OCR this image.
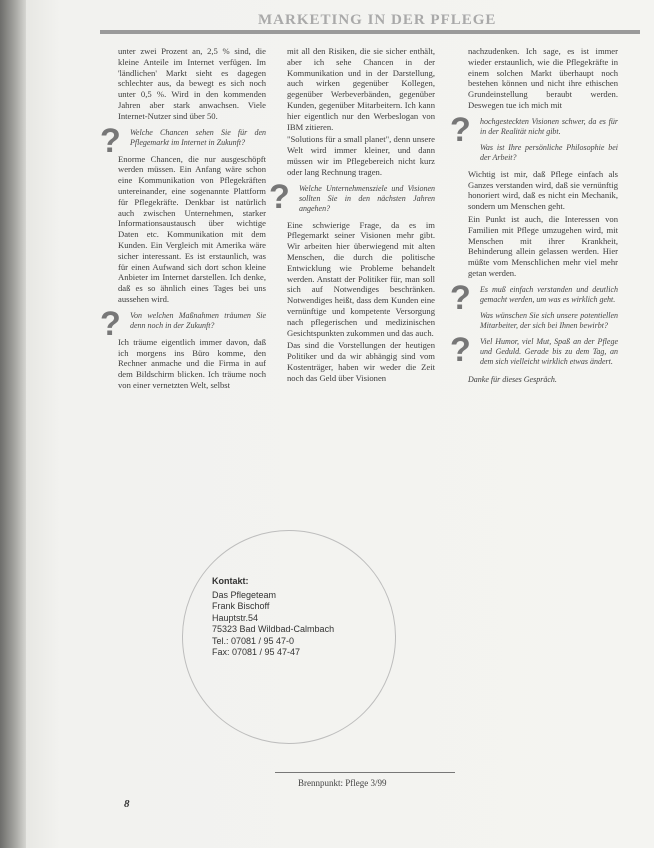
MARKETING IN DER PFLEGE

unter zwei Prozent an, 2,5 % sind, die kleine Anteile im Internet verfügen. Im 'ländlichen' Markt sieht es dagegen schlechter aus, da bewegt es sich noch unter 0,5 %. Wird in den kommenden Jahren aber stark anwachsen. Viele Internet-Nutzer sind über 50.

?	Welche Chancen sehen Sie für den Pflegemarkt im Internet in Zukunft?

Enorme Chancen, die nur ausgeschöpft werden müssen. Ein Anfang wäre schon eine Kommunikation von Pflegekräften untereinander, eine sogenannte Plattform für Pflegekräfte. Denkbar ist natürlich auch zwischen Unternehmen, starker Informationsaustausch über wichtige Daten etc. Kommunikation mit dem Kunden. Ein Vergleich mit Amerika wäre sicher interessant. Es ist erstaunlich, was für einen Aufwand sich dort schon kleine Anbieter im Internet darstellen. Ich denke, daß es so ähnlich eines Tages bei uns aussehen wird.

?	Von welchen Maßnahmen träumen Sie denn noch in der Zukunft?

Ich träume eigentlich immer davon, daß ich morgens ins Büro komme, den Rechner anmache und die Firma in auf dem Bildschirm blicken. Ich träume noch von einer vernetzten Welt, selbst

mit all den Risiken, die sie sicher enthält, aber ich sehe Chancen in der Kommunikation und in der Darstellung, auch wirken gegenüber Kollegen, gegenüber Werbeverbänden, gegenüber Kunden, gegenüber Mitarbeitern. Ich kann hier eigentlich nur den Werbeslogan von IBM zitieren.

"Solutions für a small planet", denn unsere Welt wird immer kleiner, und dann müssen wir im Pflegebereich nicht kurz oder lang Rechnung tragen.

?	Welche Unternehmensziele und Visionen sollten Sie in den nächsten Jahren angehen?

Eine schwierige Frage, da es im Pflegemarkt seiner Visionen mehr gibt. Wir arbeiten hier überwiegend mit alten Menschen, die durch die politische Entwicklung wie Probleme behandelt werden. Anstatt der Politiker für, man soll sich auf Notwendiges beschränken. Notwendiges heißt, dass dem Kunden eine vernünftige und kompetente Versorgung nach pflegerischen und medizinischen Gesichtspunkten zukommen und das auch.

Das sind die Vorstellungen der heutigen Politiker und da wir abhängig sind vom Kostenträger, haben wir weder die Zeit noch das Geld über Visionen

nachzudenken. Ich sage, es ist immer wieder erstaunlich, wie die Pflegekräfte in einem solchen Markt überhaupt noch bestehen können und nicht ihre ethischen Grundeinstellung beraubt werden. Deswegen tue ich mich mit

?	hochgesteckten Visionen schwer, da es für in der Realität nicht gibt.
Was ist Ihre persönliche Philosophie bei der Arbeit?

Wichtig ist mir, daß Pflege einfach als Ganzes verstanden wird, daß sie vernünftig honoriert wird, daß es nicht ein Mechanik, sondern um Menschen geht.

Ein Punkt ist auch, die Interessen von Familien mit Pflege umzugehen wird, mit Menschen mit ihrer Krankheit, Behinderung allein gelassen werden. Hier müßte vom Menschlichen mehr viel mehr getan werden.

?	Es muß einfach verstanden und deutlich gemacht werden, um was es wirklich geht.
Was wünschen Sie sich unsere potentiellen Mitarbeiter, der sich bei Ihnen bewirbt?
?	Viel Humor, viel Mut, Spaß an der Pflege und Geduld. Gerade bis zu dem Tag, an dem sich vielleicht wirklich etwas ändert.
Danke für dieses Gespräch.
Kontakt:
Das Pflegeteam
Frank Bischoff
Hauptstr.54
75323 Bad Wildbad-Calmbach
Tel.: 07081 / 95 47-0
Fax: 07081 / 95 47-47
Brennpunkt: Pflege 3/99
8
